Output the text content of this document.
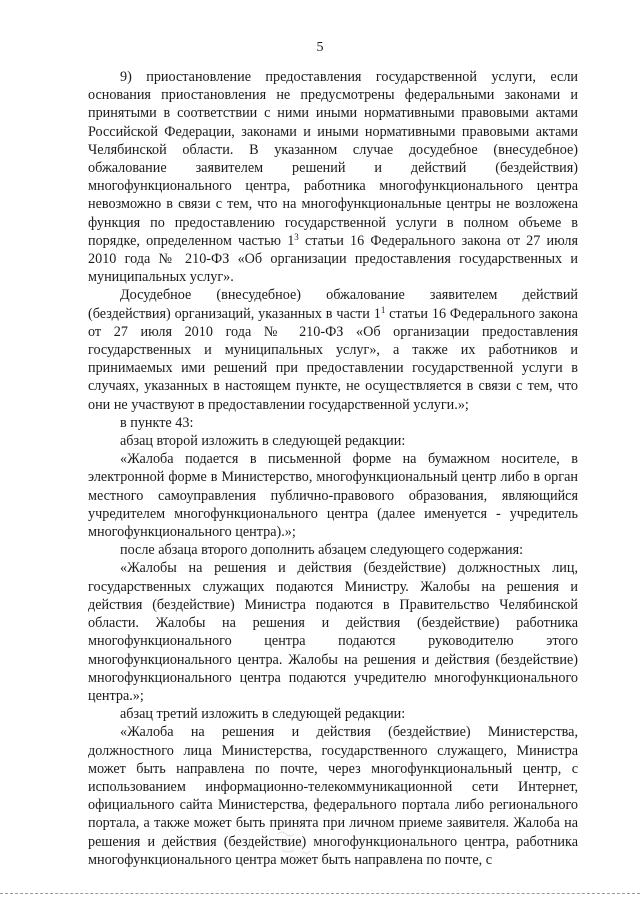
5

9) приостановление предоставления государственной услуги, если основания приостановления не предусмотрены федеральными законами и принятыми в соответствии с ними иными нормативными правовыми актами Российской Федерации, законами и иными нормативными правовыми актами Челябинской области. В указанном случае досудебное (внесудебное) обжалование заявителем решений и действий (бездействия) многофункционального центра, работника многофункционального центра невозможно в связи с тем, что на многофункциональные центры не возложена функция по предоставлению государственной услуги в полном объеме в порядке, определенном частью $1^3$ статьи 16 Федерального закона от 27 июля 2010 года № 210-ФЗ «Об организации предоставления государственных и муниципальных услуг».

Досудебное (внесудебное) обжалование заявителем действий (бездействия) организаций, указанных в части $1^1$ статьи 16 Федерального закона от 27 июля 2010 года № 210-ФЗ «Об организации предоставления государственных и муниципальных услуг», а также их работников и принимаемых ими решений при предоставлении государственной услуги в случаях, указанных в настоящем пункте, не осуществляется в связи с тем, что они не участвуют в предоставлении государственной услуги.»;

в пункте 43:

абзац второй изложить в следующей редакции:

«Жалоба подается в письменной форме на бумажном носителе, в электронной форме в Министерство, многофункциональный центр либо в орган местного самоуправления публично-правового образования, являющийся учредителем многофункционального центра (далее именуется - учредитель многофункционального центра).»;

после абзаца второго дополнить абзацем следующего содержания:

«Жалобы на решения и действия (бездействие) должностных лиц, государственных служащих подаются Министру. Жалобы на решения и действия (бездействие) Министра подаются в Правительство Челябинской области. Жалобы на решения и действия (бездействие) работника многофункционального центра подаются руководителю этого многофункционального центра. Жалобы на решения и действия (бездействие) многофункционального центра подаются учредителю многофункционального центра.»;

абзац третий изложить в следующей редакции:

«Жалоба на решения и действия (бездействие) Министерства, должностного лица Министерства, государственного служащего, Министра может быть направлена по почте, через многофункциональный центр, с использованием информационно-телекоммуникационной сети Интернет, официального сайта Министерства, федерального портала либо регионального портала, а также может быть принята при личном приеме заявителя. Жалоба на решения и действия (бездействие) многофункционального центра, работника многофункционального центра может быть направлена по почте, с
